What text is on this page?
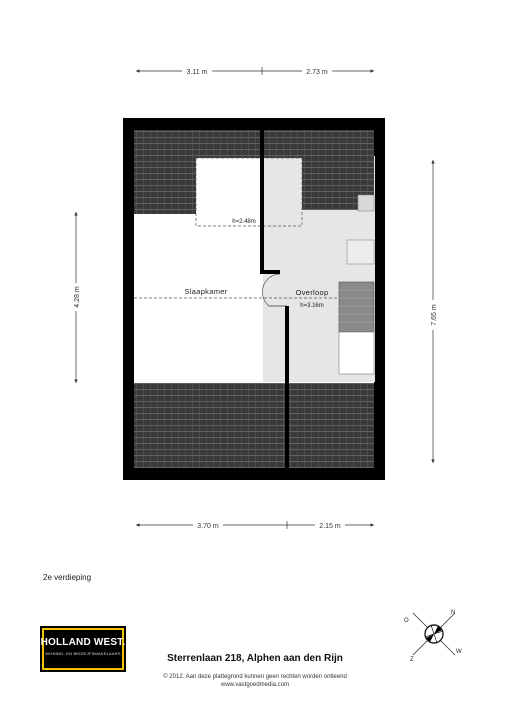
3.11 m	2.73 m
3.70 m	2.15 m
4.28 m
7.65 m
Slaapkamer	Overloop
h=3.16m
h=2.48m
N
O
W
Z
2e verdieping
HOLLAND WEST.
WONING- EN BEDRIJFSMAKELAARS	Sterrenlaan 218, Alphen aan den Rijn
© 2012. Aan deze plattegrond kunnen geen rechten worden ontleend
www.vastgoedmedia.com
